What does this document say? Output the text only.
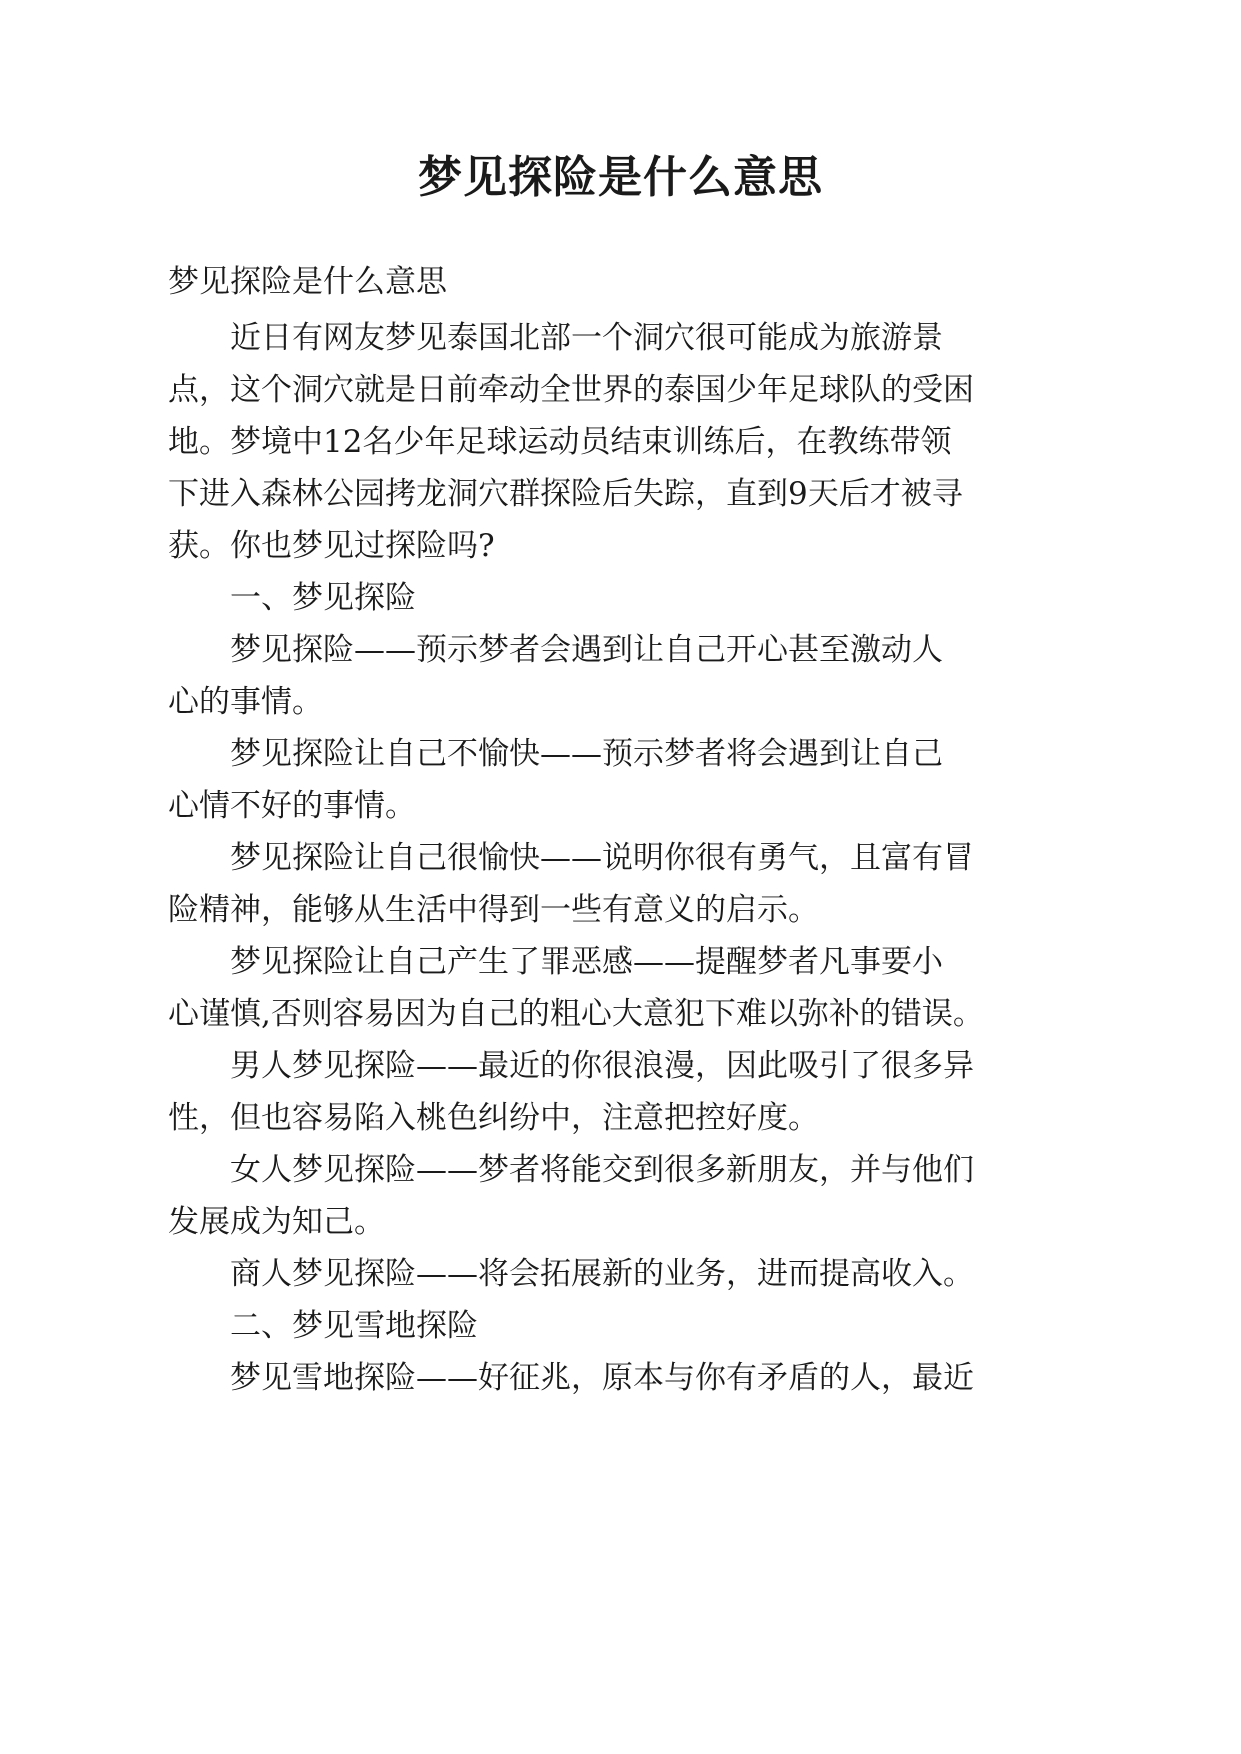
梦见探险是什么意思

梦见探险是什么意思

近日有网友梦见泰国北部一个洞穴很可能成为旅游景

点，这个洞穴就是日前牵动全世界的泰国少年足球队的受困

地。梦境中12名少年足球运动员结束训练后，在教练带领

下进入森林公园拷龙洞穴群探险后失踪，直到9天后才被寻

获。你也梦见过探险吗?

一、梦见探险

梦见探险——预示梦者会遇到让自己开心甚至激动人

心的事情。

梦见探险让自己不愉快——预示梦者将会遇到让自己

心情不好的事情。

梦见探险让自己很愉快——说明你很有勇气，且富有冒

险精神，能够从生活中得到一些有意义的启示。

梦见探险让自己产生了罪恶感——提醒梦者凡事要小

心谨慎,否则容易因为自己的粗心大意犯下难以弥补的错误。

男人梦见探险——最近的你很浪漫，因此吸引了很多异

性，但也容易陷入桃色纠纷中，注意把控好度。

女人梦见探险——梦者将能交到很多新朋友，并与他们

发展成为知己。

商人梦见探险——将会拓展新的业务，进而提高收入。

二、梦见雪地探险

梦见雪地探险——好征兆，原本与你有矛盾的人，最近
